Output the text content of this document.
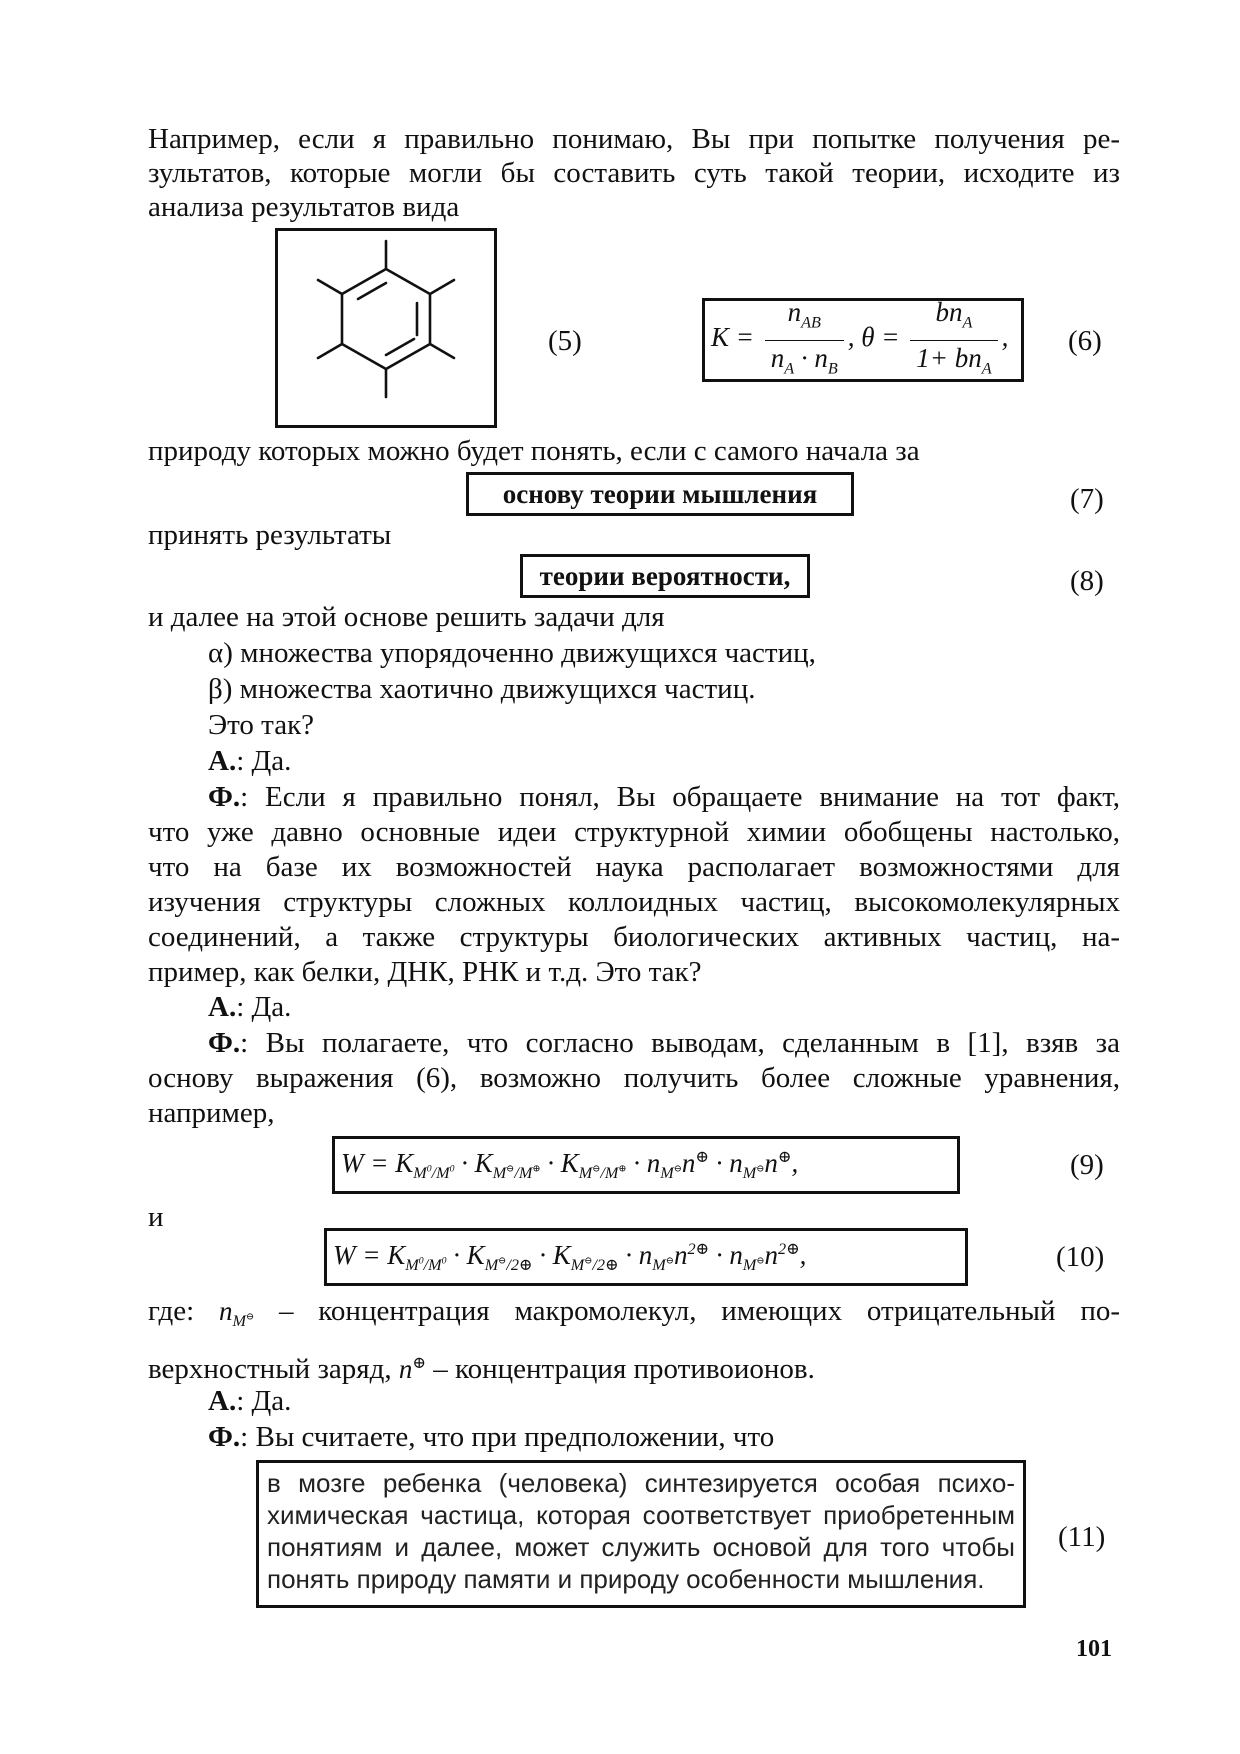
Например, если я правильно понимаю, Вы при попытке получения ре-
зультатов, которые могли бы составить суть такой теории, исходите из
анализа результатов вида
(5)	$K = \frac{n_{AB}}{n_A \cdot n_B}$ , $\theta = \frac{bn_A}{1+ bn_A}$ , (6)
природу которых можно будет понять, если с самого начала за
основу теории мышления	(7)
принять результаты
теории вероятности,	(8)
и далее на этой основе решить задачи для
α) множества упорядоченно движущихся частиц,
β) множества хаотично движущихся частиц.
Это так?
А.: Да.
Ф.: Если я правильно понял, Вы обращаете внимание на тот факт,
что уже давно основные идеи структурной химии обобщены настолько,
что на базе их возможностей наука располагает возможностями для
изучения структуры сложных коллоидных частиц, высокомолекулярных
соединений, а также структуры биологических активных частиц, на-
пример, как белки, ДНК, РНК и т.д. Это так?
А.: Да.
Ф.: Вы полагаете, что согласно выводам, сделанным в [1], взяв за
основу выражения (6), возможно получить более сложные уравнения,
например,
$W = K_{M^0/M^0} \cdot K_{M^⊖/M^\oplus} \cdot K_{M^⊖/M^\oplus} \cdot n_{M^⊖}n^\oplus \cdot n_{M^⊖}n^\oplus$,	(9)
и
$W = K_{M^0/M^0} \cdot K_{M^⊖/2\oplus} \cdot K_{M^⊖/2\oplus} \cdot n_{M^⊖}n^{2\oplus} \cdot n_{M^⊖}n^{2\oplus}$,	(10)
где: $n_{M^⊖}$ – концентрация макромолекул, имеющих отрицательный по-
верхностный заряд, n⊕ – концентрация противоионов.
А.: Да.
Ф.: Вы считаете, что при предположении, что
в мозге ребенка (человека) синтезируется особая психо-
химическая частица, которая соответствует приобретенным
понятиям и далее, может служить основой для того чтобы
понять природу памяти и природу особенности мышления.
(11)
101
